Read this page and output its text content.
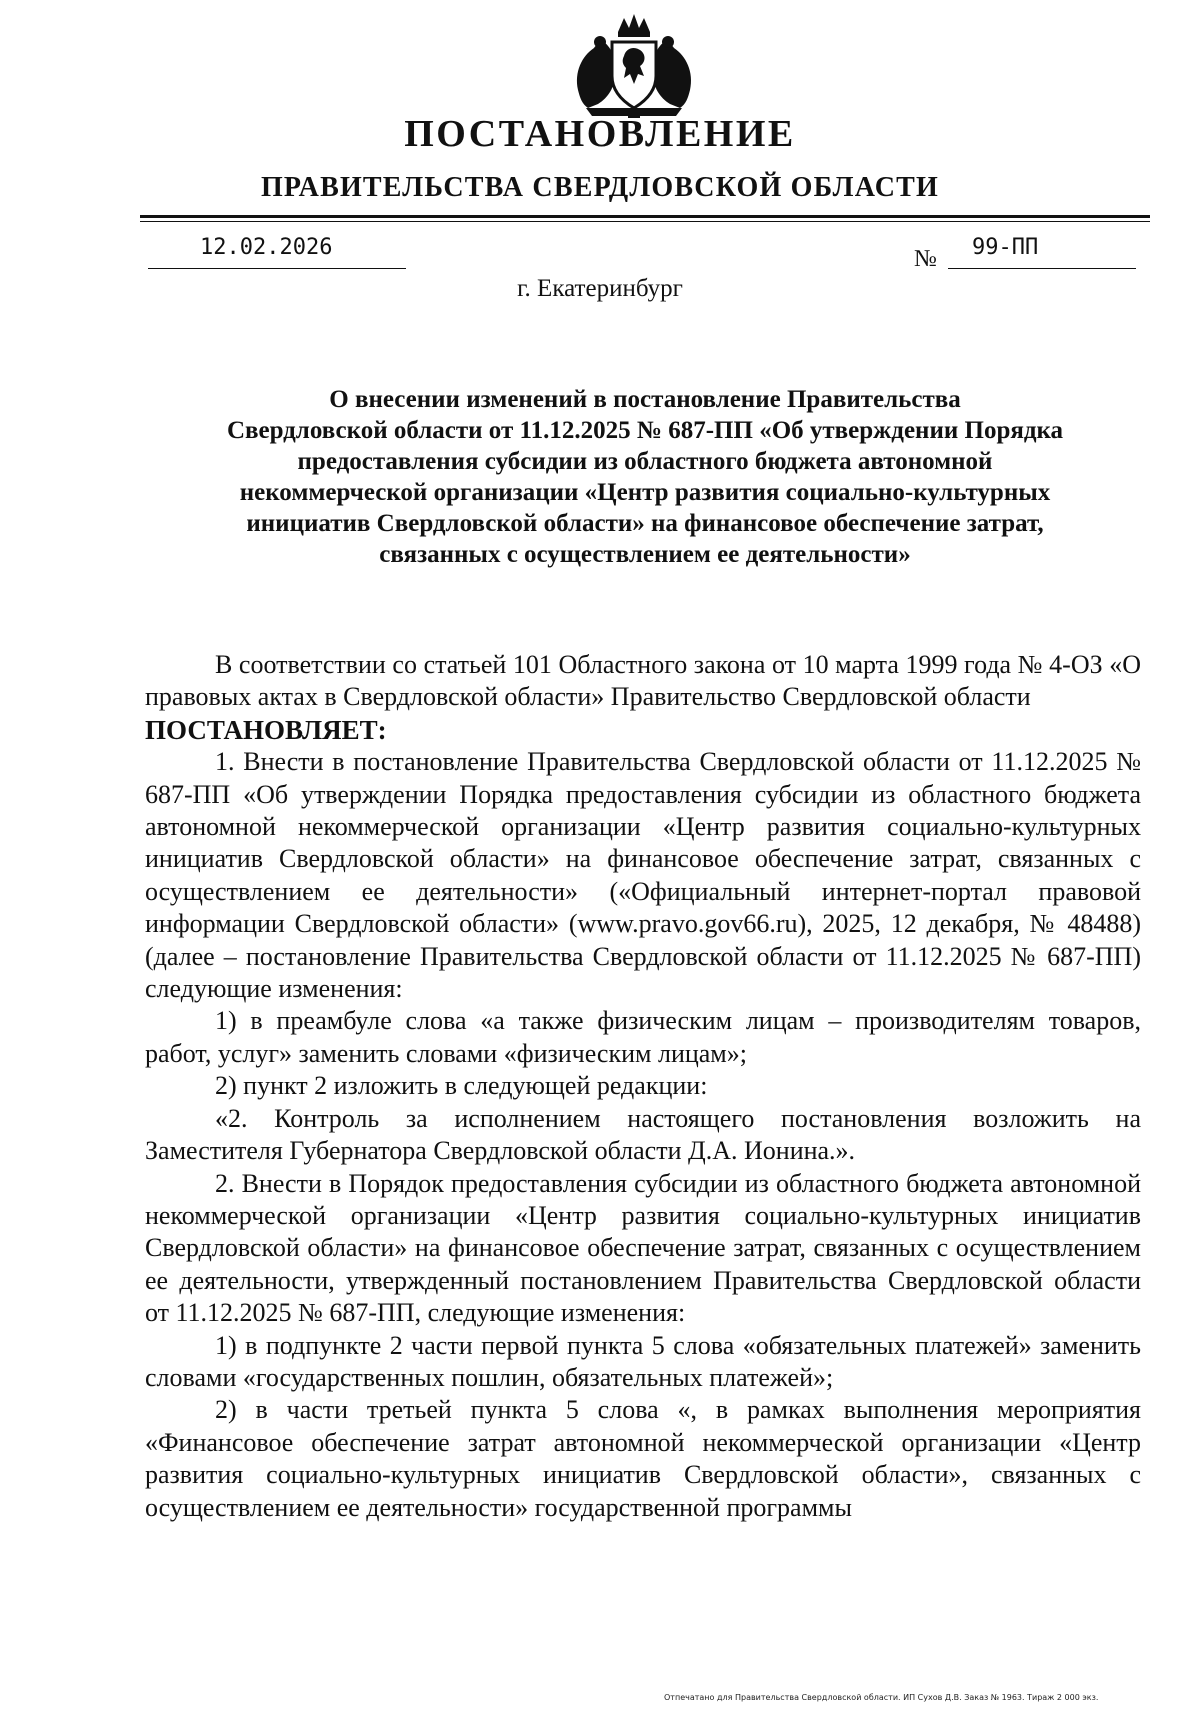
ПОСТАНОВЛЕНИЕ
ПРАВИТЕЛЬСТВА СВЕРДЛОВСКОЙ ОБЛАСТИ
12.02.2026	№ 99-ПП
г. Екатеринбург
О внесении изменений в постановление Правительства
Свердловской области от 11.12.2025 № 687-ПП «Об утверждении Порядка
предоставления субсидии из областного бюджета автономной
некоммерческой организации «Центр развития социально-культурных
инициатив Свердловской области» на финансовое обеспечение затрат,
связанных с осуществлением ее деятельности»

В соответствии со статьей 101 Областного закона от 10 марта 1999 года № 4-ОЗ «О правовых актах в Свердловской области» Правительство Свердловской области

ПОСТАНОВЛЯЕТ:

1. Внести в постановление Правительства Свердловской области от 11.12.2025 № 687-ПП «Об утверждении Порядка предоставления субсидии из областного бюджета автономной некоммерческой организации «Центр развития социально-культурных инициатив Свердловской области» на финансовое обеспечение затрат, связанных с осуществлением ее деятельности» («Официальный интернет-портал правовой информации Свердловской области» (www.pravo.gov66.ru), 2025, 12 декабря, № 48488) (далее – постановление Правительства Свердловской области от 11.12.2025 № 687-ПП) следующие изменения:

1) в преамбуле слова «а также физическим лицам – производителям товаров, работ, услуг» заменить словами «физическим лицам»;

2) пункт 2 изложить в следующей редакции:

«2. Контроль за исполнением настоящего постановления возложить на Заместителя Губернатора Свердловской области Д.А. Ионина.».

2. Внести в Порядок предоставления субсидии из областного бюджета автономной некоммерческой организации «Центр развития социально-культурных инициатив Свердловской области» на финансовое обеспечение затрат, связанных с осуществлением ее деятельности, утвержденный постановлением Правительства Свердловской области от 11.12.2025 № 687-ПП, следующие изменения:

1) в подпункте 2 части первой пункта 5 слова «обязательных платежей» заменить словами «государственных пошлин, обязательных платежей»;

2) в части третьей пункта 5 слова «, в рамках выполнения мероприятия «Финансовое обеспечение затрат автономной некоммерческой организации «Центр развития социально-культурных инициатив Свердловской области», связанных с осуществлением ее деятельности» государственной программы

Отпечатано для Правительства Свердловской области. ИП Сухов Д.В. Заказ № 1963. Тираж 2 000 экз.
